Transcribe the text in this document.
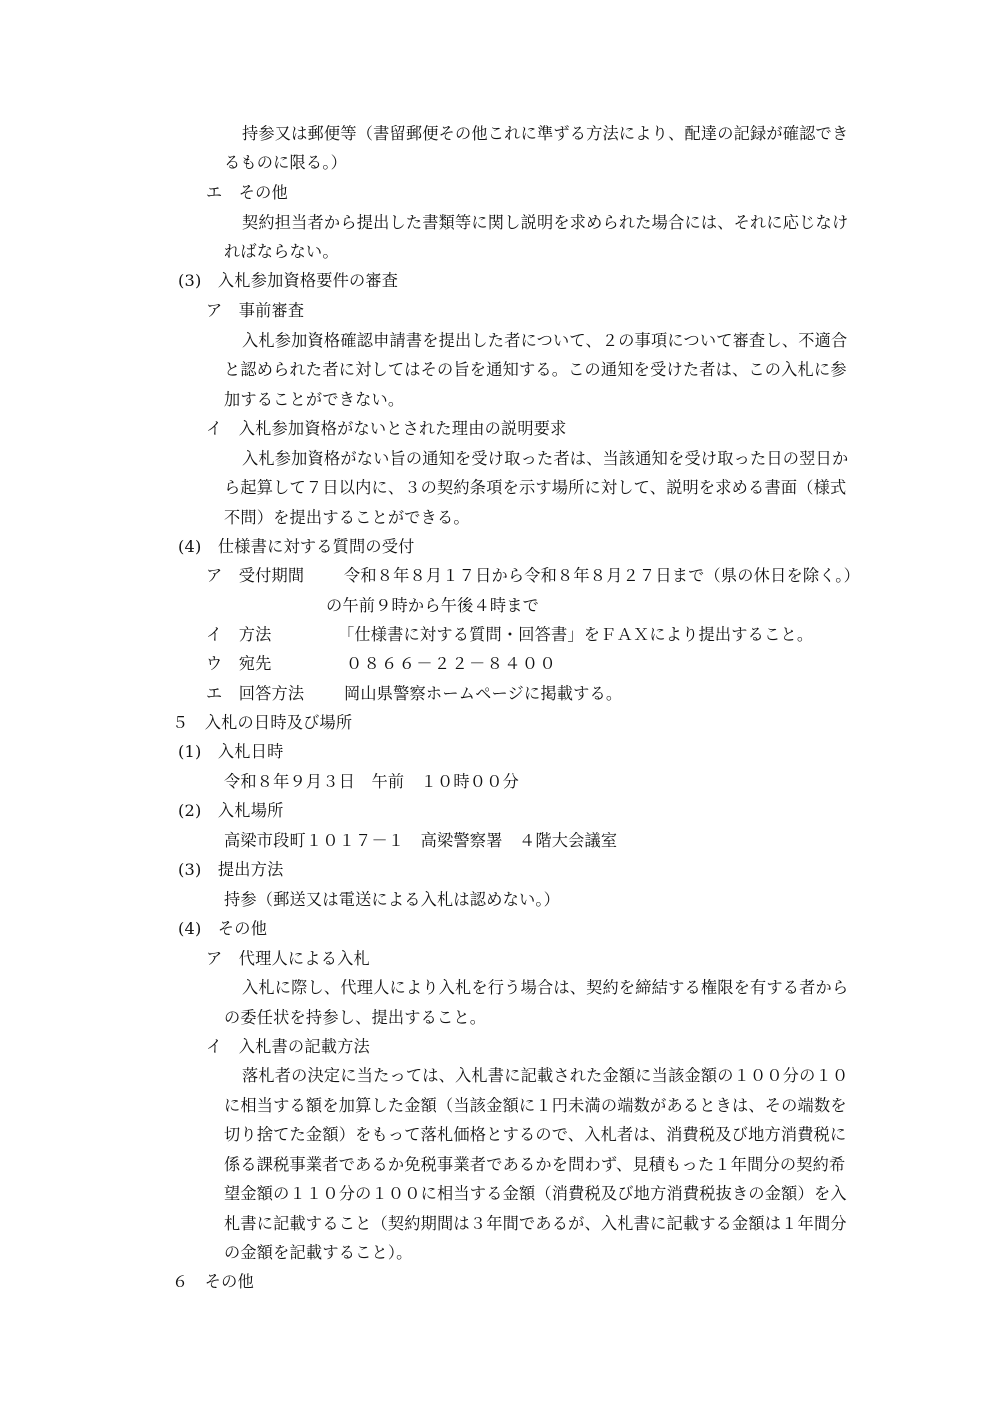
持参又は郵便等（書留郵便その他これに準ずる方法により、配達の記録が確認でき
るものに限る。）
エ　その他
契約担当者から提出した書類等に関し説明を求められた場合には、それに応じなけ
ればならない。
(3)　入札参加資格要件の審査
ア　事前審査
入札参加資格確認申請書を提出した者について、２の事項について審査し、不適合
と認められた者に対してはその旨を通知する。この通知を受けた者は、この入札に参
加することができない。
イ　入札参加資格がないとされた理由の説明要求
入札参加資格がない旨の通知を受け取った者は、当該通知を受け取った日の翌日か
ら起算して７日以内に、３の契約条項を示す場所に対して、説明を求める書面（様式
不問）を提出することができる。
(4)　仕様書に対する質問の受付
ア　受付期間 令和８年８月１７日から令和８年８月２７日まで（県の休日を除く。）
の午前９時から午後４時まで
イ　方法	「仕様書に対する質問・回答書」をＦＡＸにより提出すること。
ウ　宛先	０８６６－２２－８４００
エ　回答方法 岡山県警察ホームページに掲載する。
５　入札の日時及び場所
(1)　入札日時
令和８年９月３日　午前　１０時００分
(2)　入札場所
高梁市段町１０１７－１　高梁警察署　４階大会議室
(3)　提出方法
持参（郵送又は電送による入札は認めない。）
(4)　その他
ア　代理人による入札
入札に際し、代理人により入札を行う場合は、契約を締結する権限を有する者から
の委任状を持参し、提出すること。
イ　入札書の記載方法
落札者の決定に当たっては、入札書に記載された金額に当該金額の１００分の１０
に相当する額を加算した金額（当該金額に１円未満の端数があるときは、その端数を
切り捨てた金額）をもって落札価格とするので、入札者は、消費税及び地方消費税に
係る課税事業者であるか免税事業者であるかを問わず、見積もった１年間分の契約希
望金額の１１０分の１００に相当する金額（消費税及び地方消費税抜きの金額）を入
札書に記載すること（契約期間は３年間であるが、入札書に記載する金額は１年間分
の金額を記載すること）。
６　その他
